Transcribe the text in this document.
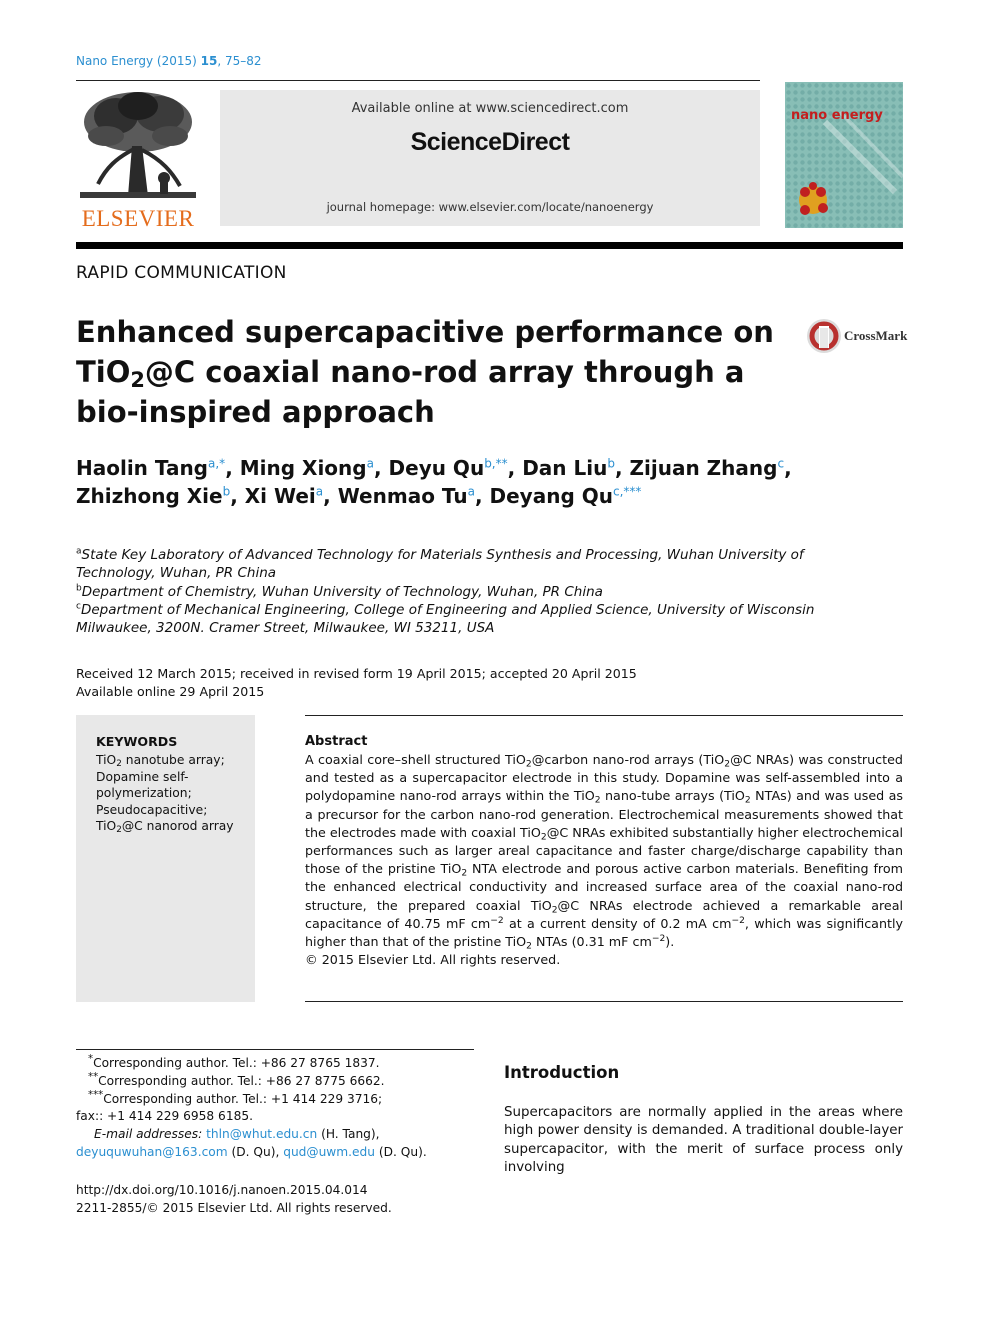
Nano Energy (2015) 15, 75–82
ELSEVIER
Available online at www.sciencedirect.com
ScienceDirect
journal homepage: www.elsevier.com/locate/nanoenergy
nano energy
RAPID COMMUNICATION
Enhanced supercapacitive performance on TiO$_2$@C coaxial nano-rod array through a bio-inspired approach
CrossMark
Haolin Tang$^{a,*}$, Ming Xiong$^a$, Deyu $Qu^{b,**}$, Dan Liu$^b$, Zijuan Zhang$^c$,
Zhizhong Xie$^b$, Xi Wei$^a$, Wenmao Tu$^a$, Deyang $Qu^{c,***}$
$^a$State Key Laboratory of Advanced Technology for Materials Synthesis and Processing, Wuhan University of Technology, Wuhan, PR China
$^b$Department of Chemistry, Wuhan University of Technology, Wuhan, PR China
$^c$Department of Mechanical Engineering, College of Engineering and Applied Science, University of Wisconsin Milwaukee, 3200N. Cramer Street, Milwaukee, WI 53211, USA
Received 12 March 2015; received in revised form 19 April 2015; accepted 20 April 2015
Available online 29 April 2015
KEYWORDS
TiO$_2$ nanotube array;
Dopamine self-polymerization;
Pseudocapacitive;
TiO$_2$@C nanorod array
Abstract
A coaxial core–shell structured TiO$_2$@carbon nano-rod arrays (TiO$_2$@C NRAs) was constructed and tested as a supercapacitor electrode in this study. Dopamine was self-assembled into a polydopamine nano-rod arrays within the TiO$_2$ nano-tube arrays (TiO$_2$ NTAs) and was used as a precursor for the carbon nano-rod generation. Electrochemical measurements showed that the electrodes made with coaxial TiO$_2$@C NRAs exhibited substantially higher electrochemical performances such as larger areal capacitance and faster charge/discharge capability than those of the pristine TiO$_2$ NTA electrode and porous active carbon materials. Benefiting from the enhanced electrical conductivity and increased surface area of the coaxial nano-rod structure, the prepared coaxial TiO$_2$@C NRAs electrode achieved a remarkable areal capacitance of 40.75 mF $cm^{-2}$ at a current density of 0.2 mA $cm^{-2}$, which was significantly higher than that of the pristine TiO$_2$ NTAs (0.31 mF $cm^{-2}$).
© 2015 Elsevier Ltd. All rights reserved.
*Corresponding author. Tel.: +86 27 8765 1837.
**Corresponding author. Tel.: +86 27 8775 6662.
***Corresponding author. Tel.: +1 414 229 3716;
fax:: +1 414 229 6958 6185.
E-mail addresses: thln@whut.edu.cn (H. Tang),
deyuquwuhan@163.com (D. Qu), qud@uwm.edu (D. Qu).
http://dx.doi.org/10.1016/j.nanoen.2015.04.014
2211-2855/© 2015 Elsevier Ltd. All rights reserved.
Introduction
Supercapacitors are normally applied in the areas where high power density is demanded. A traditional double-layer supercapacitor, with the merit of surface process only involving
